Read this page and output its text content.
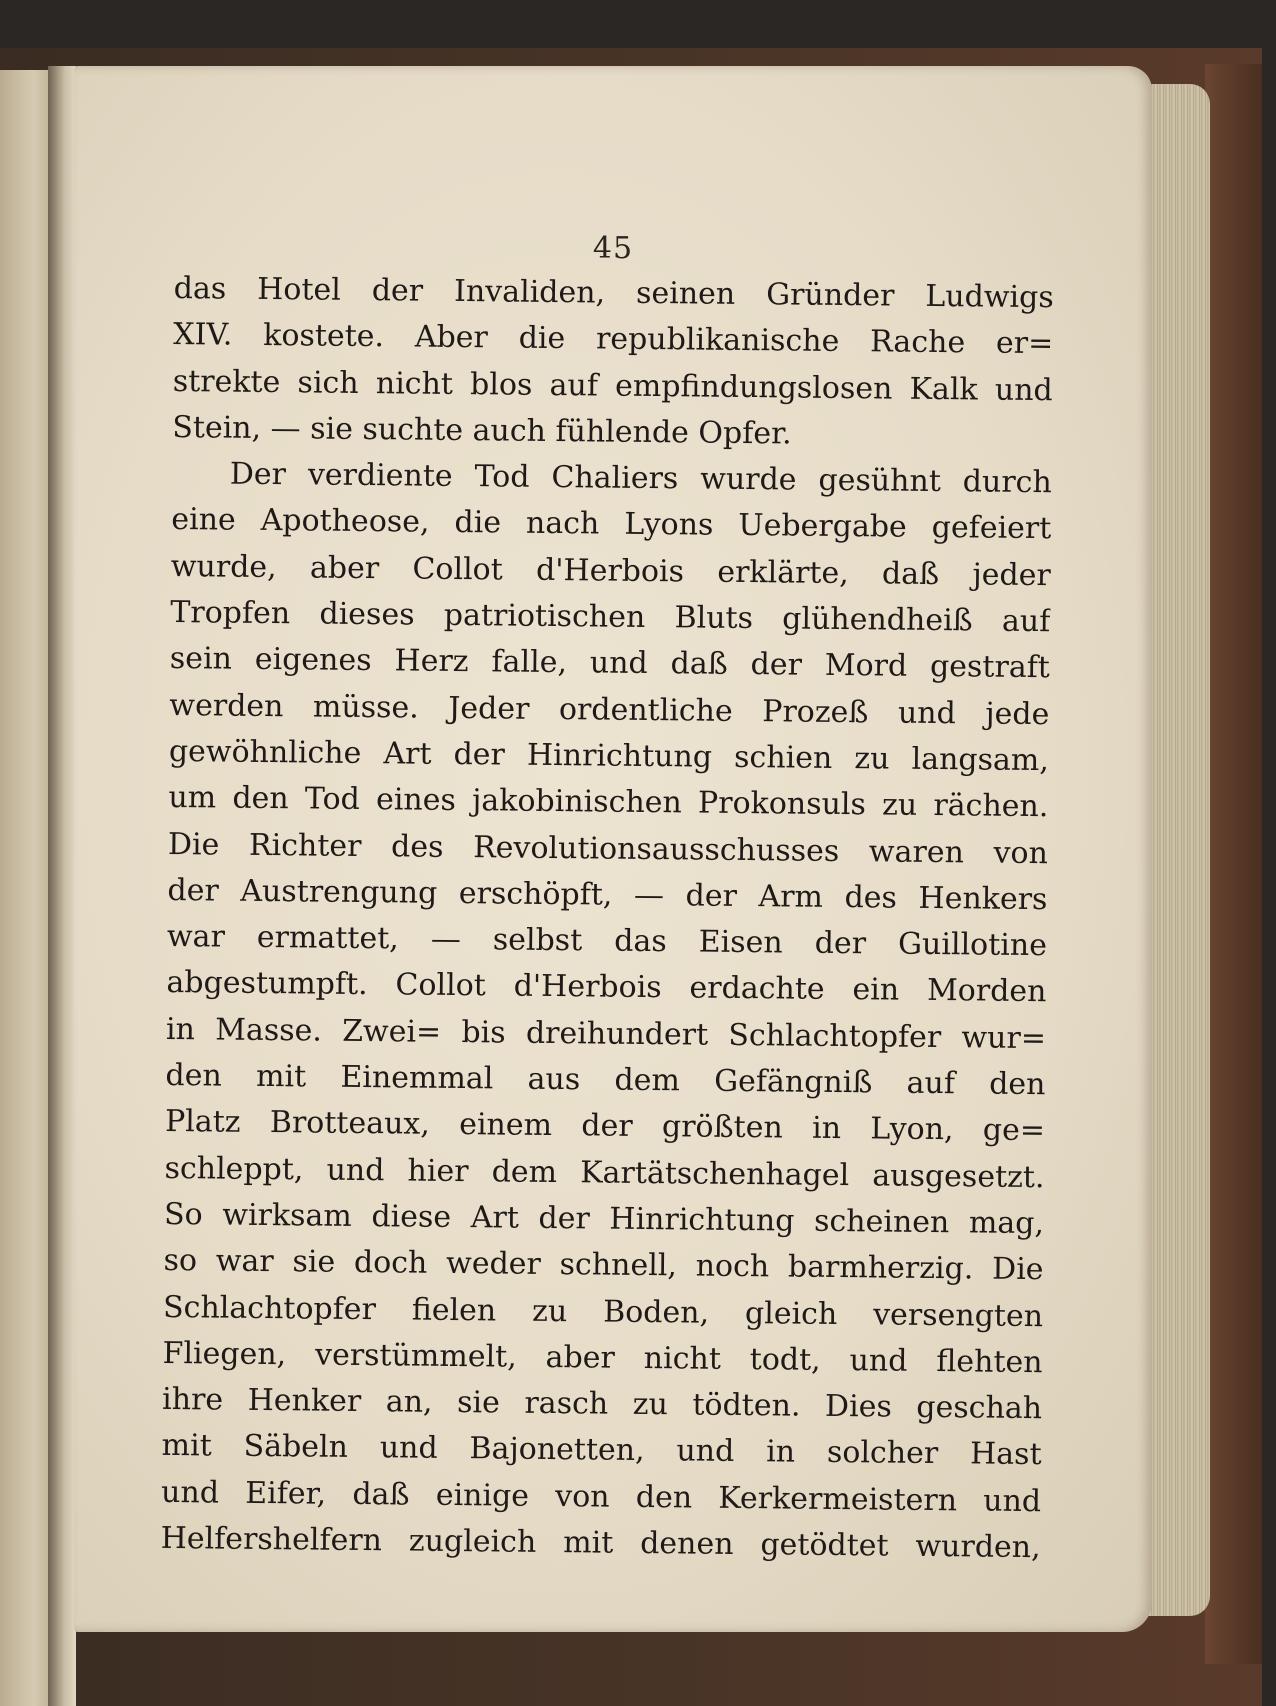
45
das Hotel der Invaliden, seinen Gründer Ludwigs
XIV. kostete. Aber die republikanische Rache er=
strekte sich nicht blos auf empfindungslosen Kalk und
Stein, — sie suchte auch fühlende Opfer.
Der verdiente Tod Chaliers wurde gesühnt durch
eine Apotheose, die nach Lyons Uebergabe gefeiert
wurde, aber Collot d'Herbois erklärte, daß jeder
Tropfen dieses patriotischen Bluts glühendheiß auf
sein eigenes Herz falle, und daß der Mord gestraft
werden müsse. Jeder ordentliche Prozeß und jede
gewöhnliche Art der Hinrichtung schien zu langsam,
um den Tod eines jakobinischen Prokonsuls zu rächen.
Die Richter des Revolutionsausschusses waren von
der Austrengung erschöpft, — der Arm des Henkers
war ermattet, — selbst das Eisen der Guillotine
abgestumpft. Collot d'Herbois erdachte ein Morden
in Masse. Zwei= bis dreihundert Schlachtopfer wur=
den mit Einemmal aus dem Gefängniß auf den
Platz Brotteaux, einem der größten in Lyon, ge=
schleppt, und hier dem Kartätschenhagel ausgesetzt.
So wirksam diese Art der Hinrichtung scheinen mag,
so war sie doch weder schnell, noch barmherzig. Die
Schlachtopfer fielen zu Boden, gleich versengten
Fliegen, verstümmelt, aber nicht todt, und flehten
ihre Henker an, sie rasch zu tödten. Dies geschah
mit Säbeln und Bajonetten, und in solcher Hast
und Eifer, daß einige von den Kerkermeistern und
Helfershelfern zugleich mit denen getödtet wurden,
